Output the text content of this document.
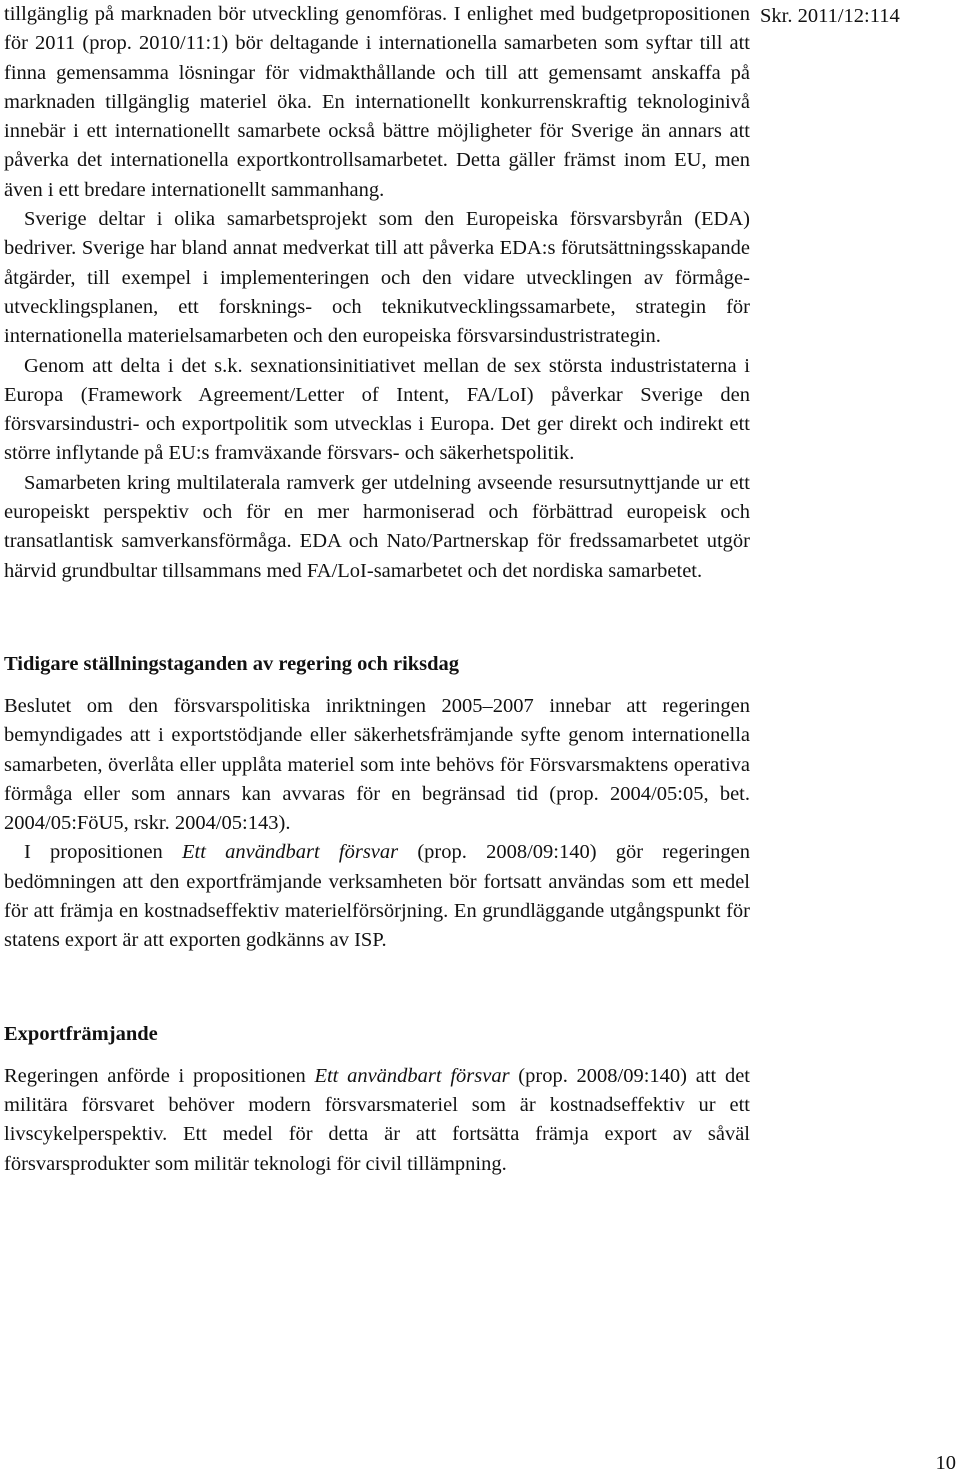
Skr. 2011/12:114

tillgänglig på marknaden bör utveckling genomföras. I enlighet med budgetpropositionen för 2011 (prop. 2010/11:1) bör deltagande i internationella samarbeten som syftar till att finna gemensamma lösningar för vidmakthållande och till att gemensamt anskaffa på marknaden tillgänglig materiel öka. En internationellt konkurrenskraftig teknologinivå innebär i ett internationellt samarbete också bättre möjligheter för Sverige än annars att påverka det internationella exportkontrollsamarbetet. Detta gäller främst inom EU, men även i ett bredare internationellt sammanhang.

Sverige deltar i olika samarbetsprojekt som den Europeiska försvarsbyrån (EDA) bedriver. Sverige har bland annat medverkat till att påverka EDA:s förutsättningsskapande åtgärder, till exempel i implementeringen och den vidare utvecklingen av förmåge-utvecklingsplanen, ett forsknings- och teknikutvecklingssamarbete, strategin för internationella materielsamarbeten och den europeiska försvarsindustristrategin.

Genom att delta i det s.k. sexnationsinitiativet mellan de sex största industristaterna i Europa (Framework Agreement/Letter of Intent, FA/LoI) påverkar Sverige den försvarsindustri- och exportpolitik som utvecklas i Europa. Det ger direkt och indirekt ett större inflytande på EU:s framväxande försvars- och säkerhetspolitik.

Samarbeten kring multilaterala ramverk ger utdelning avseende resursutnyttjande ur ett europeiskt perspektiv och för en mer harmoniserad och förbättrad europeisk och transatlantisk samverkansförmåga. EDA och Nato/Partnerskap för fredssamarbetet utgör härvid grundbultar tillsammans med FA/LoI-samarbetet och det nordiska samarbetet.

Tidigare ställningstaganden av regering och riksdag

Beslutet om den försvarspolitiska inriktningen 2005–2007 innebar att regeringen bemyndigades att i exportstödjande eller säkerhetsfrämjande syfte genom internationella samarbeten, överlåta eller upplåta materiel som inte behövs för Försvarsmaktens operativa förmåga eller som annars kan avvaras för en begränsad tid (prop. 2004/05:05, bet. 2004/05:FöU5, rskr. 2004/05:143).

I propositionen Ett användbart försvar (prop. 2008/09:140) gör regeringen bedömningen att den exportfrämjande verksamheten bör fortsatt användas som ett medel för att främja en kostnadseffektiv materielförsörjning. En grundläggande utgångspunkt för statens export är att exporten godkänns av ISP.

Exportfrämjande

Regeringen anförde i propositionen Ett användbart försvar (prop. 2008/09:140) att det militära försvaret behöver modern försvarsmateriel som är kostnadseffektiv ur ett livscykelperspektiv. Ett medel för detta är att fortsätta främja export av såväl försvarsprodukter som militär teknologi för civil tillämpning.

10
